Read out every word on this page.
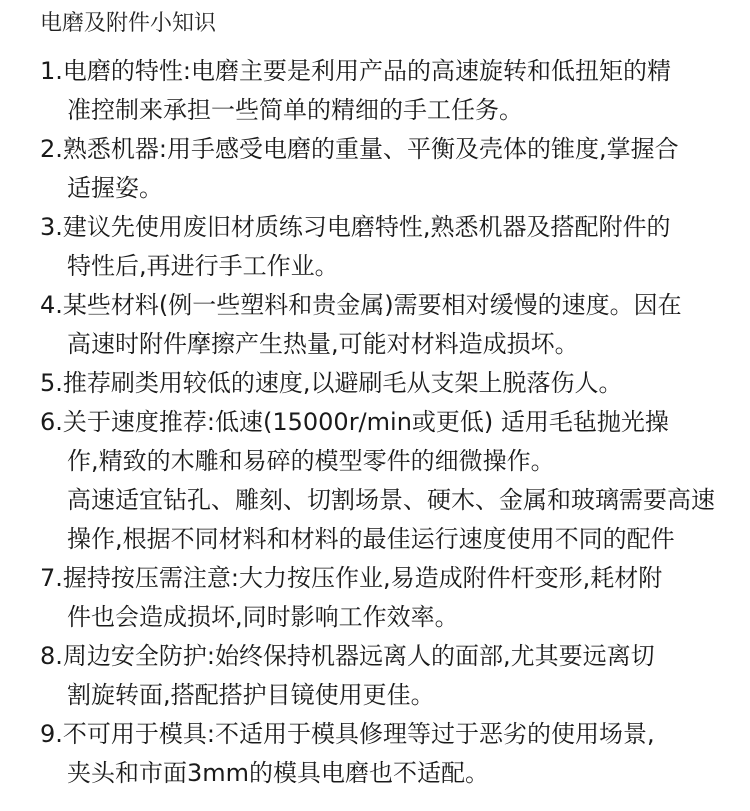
电磨及附件小知识
1.电磨的特性:电磨主要是利用产品的高速旋转和低扭矩的精
准控制来承担一些简单的精细的手工任务。
2.熟悉机器:用手感受电磨的重量、平衡及壳体的锥度,掌握合
适握姿。
3.建议先使用废旧材质练习电磨特性,熟悉机器及搭配附件的
特性后,再进行手工作业。
4.某些材料(例一些塑料和贵金属)需要相对缓慢的速度。因在
高速时附件摩擦产生热量,可能对材料造成损坏。
5.推荐刷类用较低的速度,以避刷毛从支架上脱落伤人。
6.关于速度推荐:低速(15000r/min或更低) 适用毛毡抛光操
作,精致的木雕和易碎的模型零件的细微操作。
高速适宜钻孔、雕刻、切割场景、硬木、金属和玻璃需要高速
操作,根据不同材料和材料的最佳运行速度使用不同的配件
7.握持按压需注意:大力按压作业,易造成附件杆变形,耗材附
件也会造成损坏,同时影响工作效率。
8.周边安全防护:始终保持机器远离人的面部,尤其要远离切
割旋转面,搭配搭护目镜使用更佳。
9.不可用于模具:不适用于模具修理等过于恶劣的使用场景,
夹头和市面3mm的模具电磨也不适配。
